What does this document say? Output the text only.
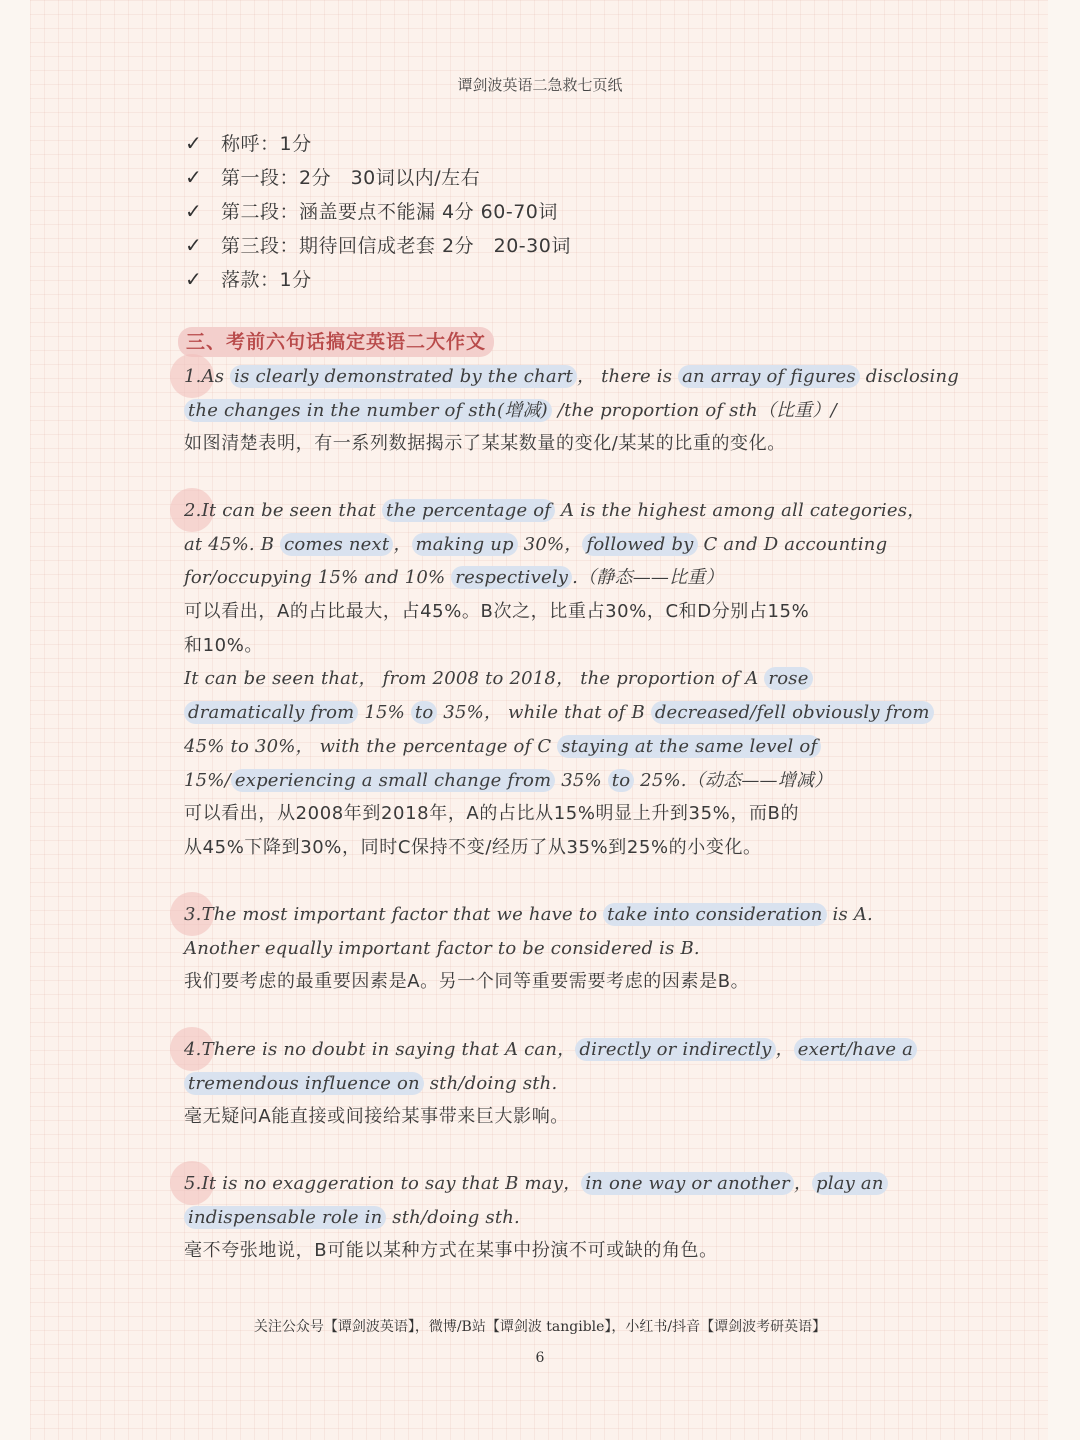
谭剑波英语二急救七页纸
✓ 称呼：1分
✓ 第一段：2分　30词以内/左右
✓ 第二段：涵盖要点不能漏 4分 60-70词
✓ 第三段：期待回信成老套 2分　20-30词
✓ 落款：1分
三、考前六句话搞定英语二大作文
1.As is clearly demonstrated by the chart ， there is an array of figures disclosing
the changes in the number of sth(增减) /the proportion of sth（比重）/
如图清楚表明，有一系列数据揭示了某某数量的变化/某某的比重的变化。
2.It can be seen that the percentage of A is the highest among all categories，
at 45%. B comes next ， making up 30%， followed by C and D accounting
for/occupying 15% and 10% respectively .（静态——比重）
可以看出，A的占比最大，占45%。B次之，比重占30%，C和D分别占15%
和10%。
It can be seen that， from 2008 to 2018， the proportion of A rose
dramatically from 15% to 35%， while that of B decreased/fell obviously from
45% to 30%， with the percentage of C staying at the same level of
15%/ experiencing a small change from 35% to 25%.（动态——增减）
可以看出，从2008年到2018年，A的占比从15%明显上升到35%，而B的
从45%下降到30%，同时C保持不变/经历了从35%到25%的小变化。
3.The most important factor that we have to take into consideration is A.
Another equally important factor to be considered is B.
我们要考虑的最重要因素是A。另一个同等重要需要考虑的因素是B。
4.There is no doubt in saying that A can， directly or indirectly ， exert/have a
tremendous influence on sth/doing sth.
毫无疑问A能直接或间接给某事带来巨大影响。
5.It is no exaggeration to say that B may， in one way or another ， play an
indispensable role in sth/doing sth.
毫不夸张地说，B可能以某种方式在某事中扮演不可或缺的角色。
关注公众号【谭剑波英语】，微博/B站【谭剑波 tangible】，小红书/抖音【谭剑波考研英语】
6
